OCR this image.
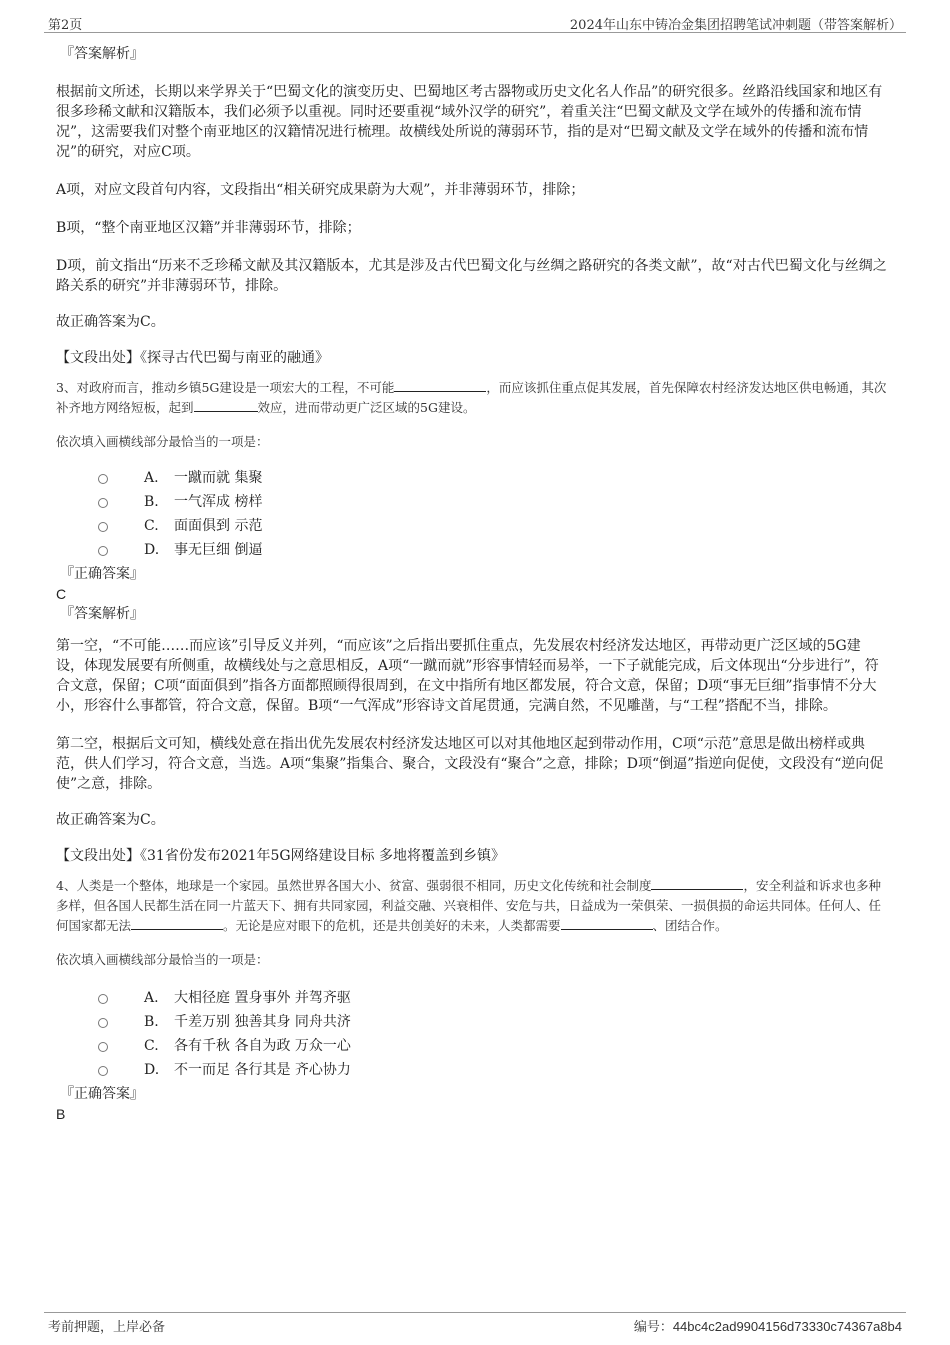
第2页	2024年山东中铸冶金集团招聘笔试冲刺题（带答案解析）

『答案解析』

根据前文所述，长期以来学界关于“巴蜀文化的演变历史、巴蜀地区考古器物或历史文化名人作品”的研究很多。丝路沿线国家和地区有很多珍稀文献和汉籍版本，我们必须予以重视。同时还要重视“域外汉学的研究”，着重关注“巴蜀文献及文学在域外的传播和流布情况”，这需要我们对整个南亚地区的汉籍情况进行梳理。故横线处所说的薄弱环节，指的是对“巴蜀文献及文学在域外的传播和流布情况”的研究，对应C项。

A项，对应文段首句内容，文段指出“相关研究成果蔚为大观”，并非薄弱环节，排除；

B项，“整个南亚地区汉籍”并非薄弱环节，排除；

D项，前文指出“历来不乏珍稀文献及其汉籍版本，尤其是涉及古代巴蜀文化与丝绸之路研究的各类文献”，故“对古代巴蜀文化与丝绸之路关系的研究”并非薄弱环节，排除。

故正确答案为C。

【文段出处】《探寻古代巴蜀与南亚的融通》

3、对政府而言，推动乡镇5G建设是一项宏大的工程，不可能	，而应该抓住重点促其发展，首先保障农村经济发达地区供电畅通，其次补齐地方网络短板，起到	效应，进而带动更广泛区域的5G建设。

依次填入画横线部分最恰当的一项是：

A. 一蹴而就 集聚
B. 一气浑成 榜样
C. 面面俱到 示范
D. 事无巨细 倒逼

『正确答案』

C

『答案解析』

第一空，“不可能……而应该”引导反义并列，“而应该”之后指出要抓住重点，先发展农村经济发达地区，再带动更广泛区域的5G建设，体现发展要有所侧重，故横线处与之意思相反，A项“一蹴而就”形容事情轻而易举，一下子就能完成，后文体现出“分步进行”，符合文意，保留；C项“面面俱到”指各方面都照顾得很周到，在文中指所有地区都发展，符合文意，保留；D项“事无巨细”指事情不分大小，形容什么事都管，符合文意，保留。B项“一气浑成”形容诗文首尾贯通，完满自然，不见雕凿，与“工程”搭配不当，排除。

第二空，根据后文可知，横线处意在指出优先发展农村经济发达地区可以对其他地区起到带动作用，C项“示范”意思是做出榜样或典范，供人们学习，符合文意，当选。A项“集聚”指集合、聚合，文段没有“聚合”之意，排除；D项“倒逼”指逆向促使，文段没有“逆向促使”之意，排除。

故正确答案为C。

【文段出处】《31省份发布2021年5G网络建设目标 多地将覆盖到乡镇》

4、人类是一个整体，地球是一个家园。虽然世界各国大小、贫富、强弱很不相同，历史文化传统和社会制度	，安全利益和诉求也多种多样，但各国人民都生活在同一片蓝天下、拥有共同家园，利益交融、兴衰相伴、安危与共，日益成为一荣俱荣、一损俱损的命运共同体。任何人、任何国家都无法	。无论是应对眼下的危机，还是共创美好的未来，人类都需要	、团结合作。

依次填入画横线部分最恰当的一项是：

A. 大相径庭 置身事外 并驾齐驱
B. 千差万别 独善其身 同舟共济
C. 各有千秋 各自为政 万众一心
D. 不一而足 各行其是 齐心协力

『正确答案』

B

考前押题，上岸必备	编号：44bc4c2ad9904156d73330c74367a8b4
